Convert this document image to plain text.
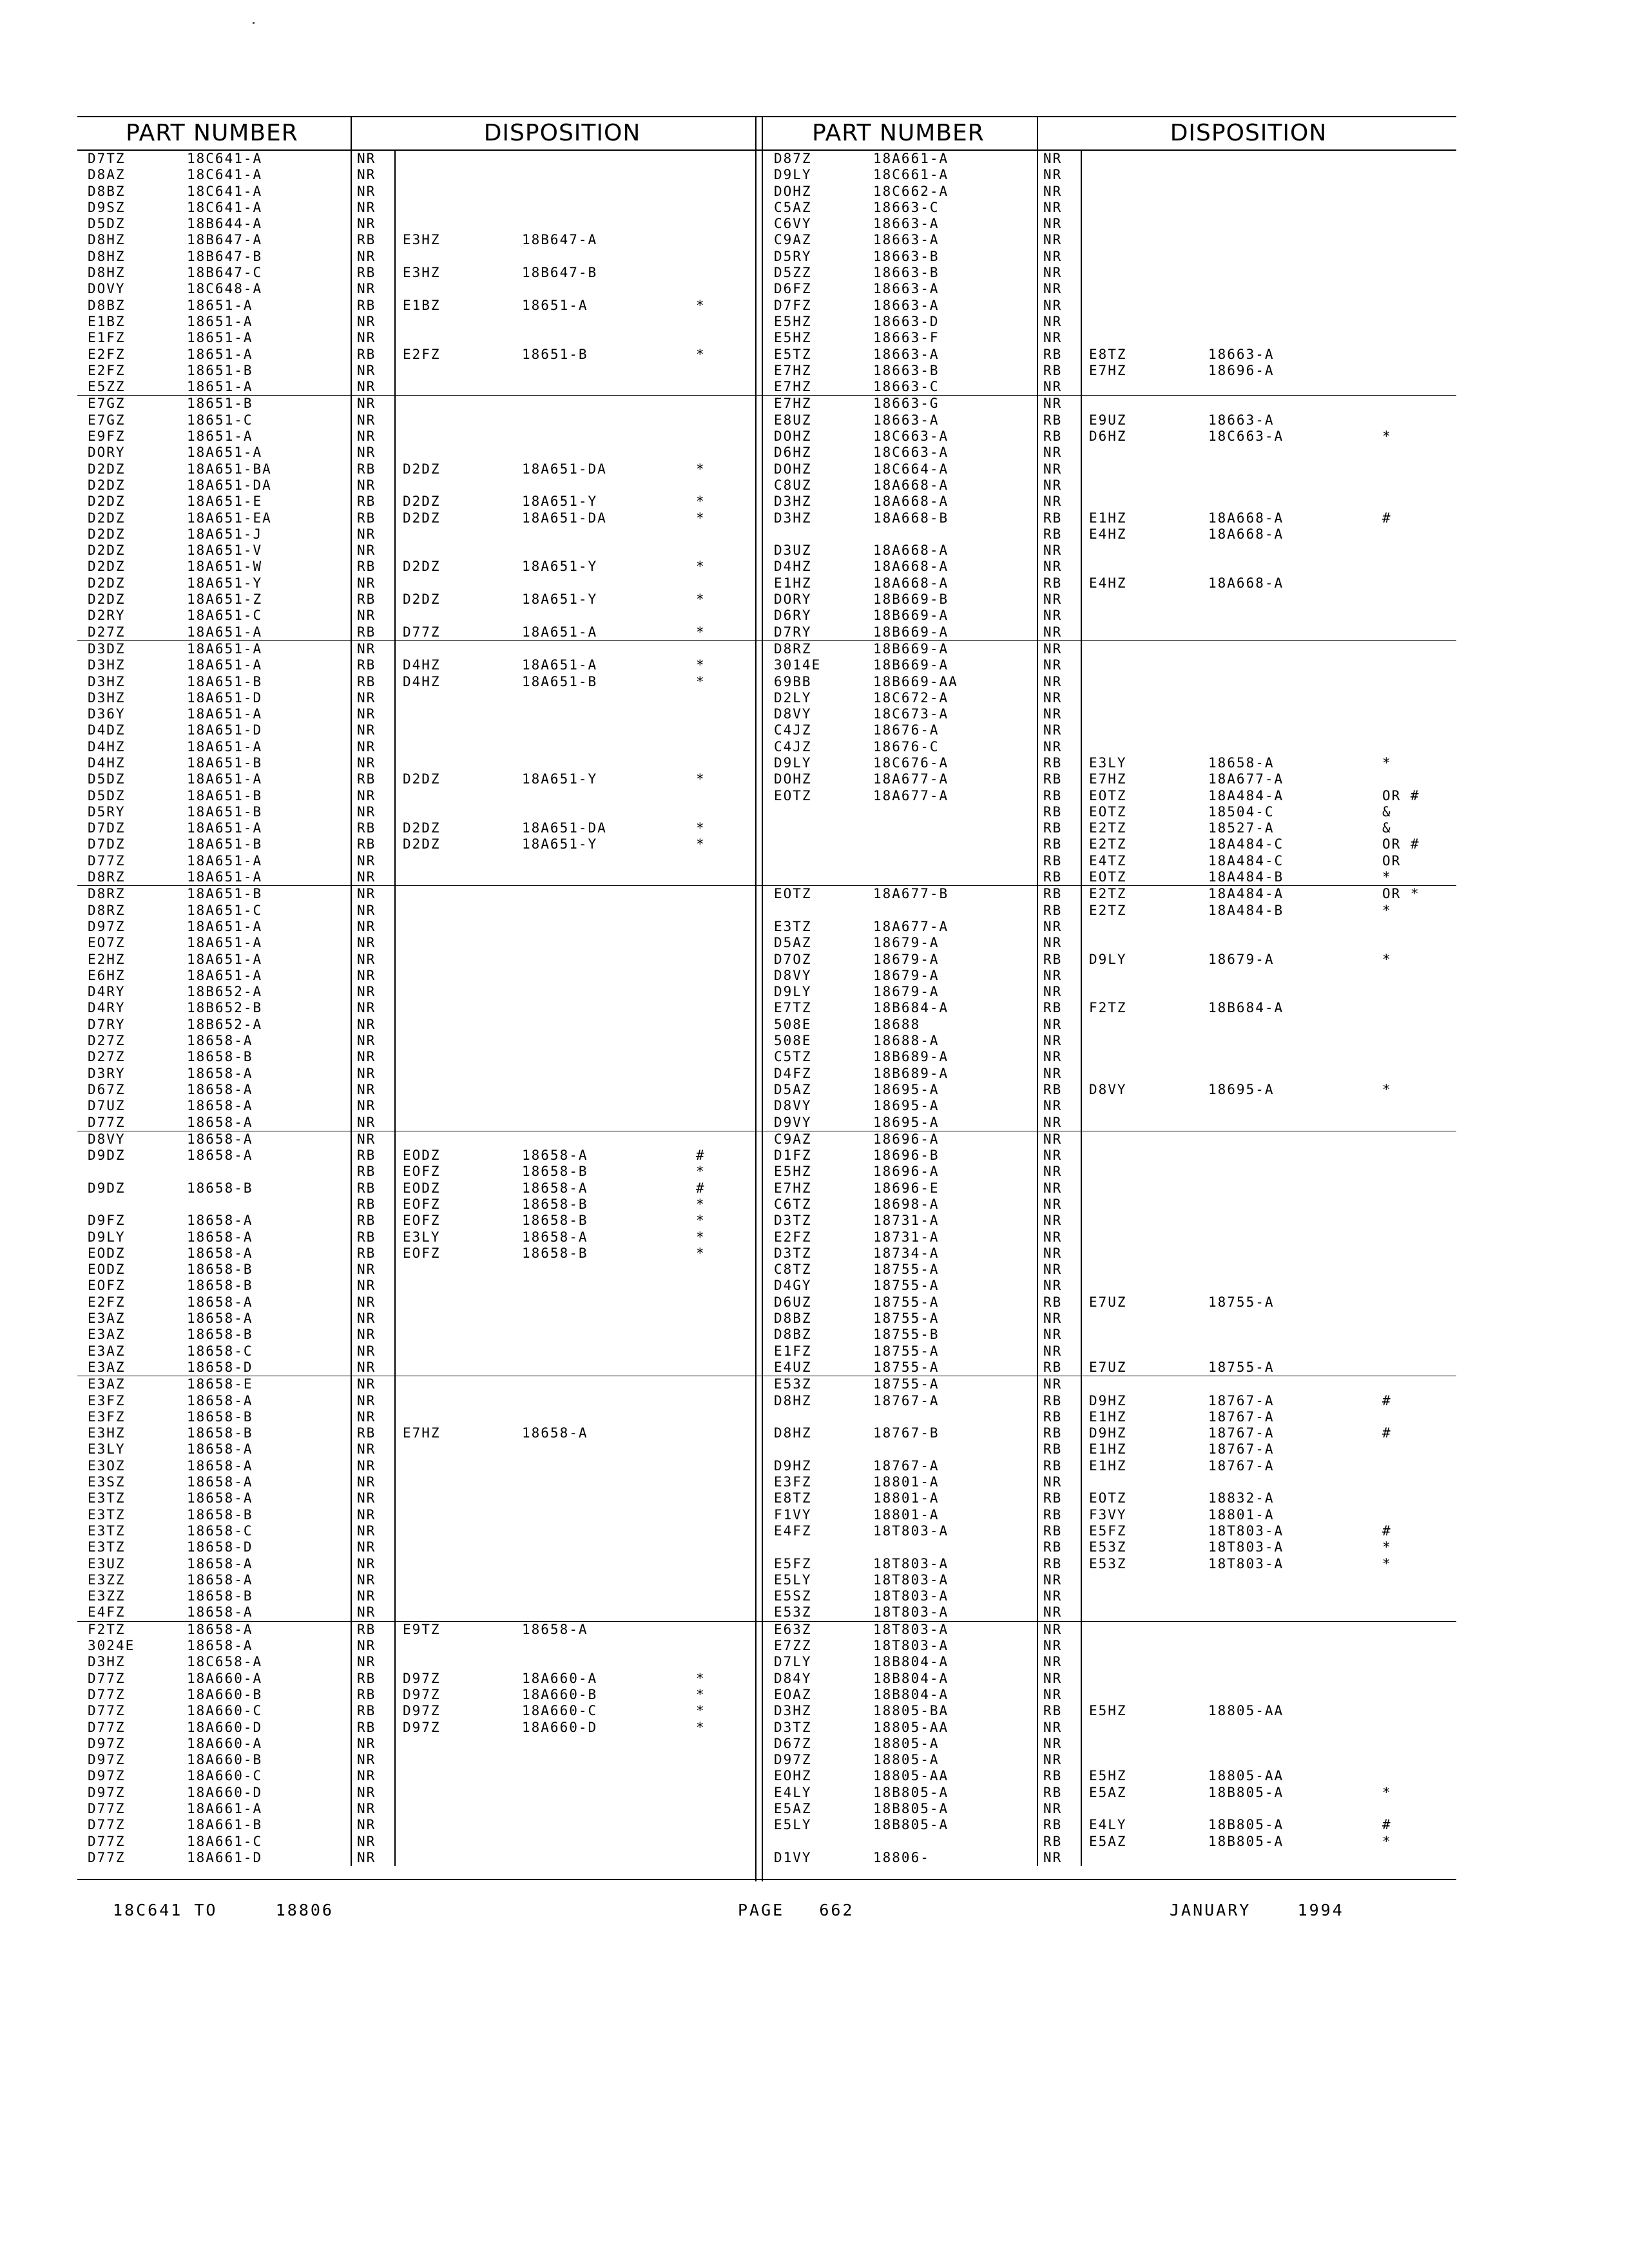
PART NUMBER	DISPOSITION
D7TZ	18C641-A	NR
D8AZ	18C641-A	NR
D8BZ	18C641-A	NR
D9SZ	18C641-A	NR
D5DZ	18B644-A	NR
D8HZ	18B647-A	RB E3HZ	18B647-A
D8HZ	18B647-B	NR
D8HZ	18B647-C	RB E3HZ	18B647-B
DOVY	18C648-A	NR
D8BZ	18651-A	RB E1BZ	18651-A	*
E1BZ	18651-A	NR
E1FZ	18651-A	NR
E2FZ	18651-A	RB E2FZ	18651-B	*
E2FZ	18651-B	NR
E5ZZ	18651-A	NR
E7GZ	18651-B	NR
E7GZ	18651-C	NR
E9FZ	18651-A	NR
DORY	18A651-A	NR
D2DZ	18A651-BA	RB D2DZ	18A651-DA	*
D2DZ	18A651-DA	NR
D2DZ	18A651-E	RB D2DZ	18A651-Y	*
D2DZ	18A651-EA	RB D2DZ	18A651-DA	*
D2DZ	18A651-J	NR
D2DZ	18A651-V	NR
D2DZ	18A651-W	RB D2DZ	18A651-Y	*
D2DZ	18A651-Y	NR
D2DZ	18A651-Z	RB D2DZ	18A651-Y	*
D2RY	18A651-C	NR
D27Z	18A651-A	RB D77Z	18A651-A	*
D3DZ	18A651-A	NR
D3HZ	18A651-A	RB D4HZ	18A651-A	*
D3HZ	18A651-B	RB D4HZ	18A651-B	*
D3HZ	18A651-D	NR
D36Y	18A651-A	NR
D4DZ	18A651-D	NR
D4HZ	18A651-A	NR
D4HZ	18A651-B	NR
D5DZ	18A651-A	RB D2DZ	18A651-Y	*
D5DZ	18A651-B	NR
D5RY	18A651-B	NR
D7DZ	18A651-A	RB D2DZ	18A651-DA	*
D7DZ	18A651-B	RB D2DZ	18A651-Y	*
D77Z	18A651-A	NR
D8RZ	18A651-A	NR
D8RZ	18A651-B	NR
D8RZ	18A651-C	NR
D97Z	18A651-A	NR
EO7Z	18A651-A	NR
E2HZ	18A651-A	NR
E6HZ	18A651-A	NR
D4RY	18B652-A	NR
D4RY	18B652-B	NR
D7RY	18B652-A	NR
D27Z	18658-A	NR
D27Z	18658-B	NR
D3RY	18658-A	NR
D67Z	18658-A	NR
D7UZ	18658-A	NR
D77Z	18658-A	NR
D8VY	18658-A	NR
D9DZ	18658-A	RB EODZ	18658-A	#
RB EOFZ	18658-B	*
D9DZ	18658-B	RB EODZ	18658-A	#
RB EOFZ	18658-B	*
D9FZ	18658-A	RB EOFZ	18658-B	*
D9LY	18658-A	RB E3LY	18658-A	*
EODZ	18658-A	RB EOFZ	18658-B	*
EODZ	18658-B	NR
EOFZ	18658-B	NR
E2FZ	18658-A	NR
E3AZ	18658-A	NR
E3AZ	18658-B	NR
E3AZ	18658-C	NR
E3AZ	18658-D	NR
E3AZ	18658-E	NR
E3FZ	18658-A	NR
E3FZ	18658-B	NR
E3HZ	18658-B	RB E7HZ	18658-A
E3LY	18658-A	NR
E3OZ	18658-A	NR
E3SZ	18658-A	NR
E3TZ	18658-A	NR
E3TZ	18658-B	NR
E3TZ	18658-C	NR
E3TZ	18658-D	NR
E3UZ	18658-A	NR
E3ZZ	18658-A	NR
E3ZZ	18658-B	NR
E4FZ	18658-A	NR
F2TZ	18658-A	RB E9TZ	18658-A
3024E	18658-A	NR
D3HZ	18C658-A	NR
D77Z	18A660-A	RB D97Z	18A660-A	*
D77Z	18A660-B	RB D97Z	18A660-B	*
D77Z	18A660-C	RB D97Z	18A660-C	*
D77Z	18A660-D	RB D97Z	18A660-D	*
D97Z	18A660-A	NR
D97Z	18A660-B	NR
D97Z	18A660-C	NR
D97Z	18A660-D	NR
D77Z	18A661-A	NR
D77Z	18A661-B	NR
D77Z	18A661-C	NR
D77Z	18A661-D	NR
PART NUMBER	DISPOSITION
D87Z	18A661-A	NR
D9LY	18C661-A	NR
DOHZ	18C662-A	NR
C5AZ	18663-C	NR
C6VY	18663-A	NR
C9AZ	18663-A	NR
D5RY	18663-B	NR
D5ZZ	18663-B	NR
D6FZ	18663-A	NR
D7FZ	18663-A	NR
E5HZ	18663-D	NR
E5HZ	18663-F	NR
E5TZ	18663-A	RB E8TZ	18663-A
E7HZ	18663-B	RB E7HZ	18696-A
E7HZ	18663-C	NR
E7HZ	18663-G	NR
E8UZ	18663-A	RB E9UZ	18663-A
DOHZ	18C663-A	RB D6HZ	18C663-A	*
D6HZ	18C663-A	NR
DOHZ	18C664-A	NR
C8UZ	18A668-A	NR
D3HZ	18A668-A	NR
D3HZ	18A668-B	RB E1HZ	18A668-A	#
RB E4HZ	18A668-A
D3UZ	18A668-A	NR
D4HZ	18A668-A	NR
E1HZ	18A668-A	RB E4HZ	18A668-A
DORY	18B669-B	NR
D6RY	18B669-A	NR
D7RY	18B669-A	NR
D8RZ	18B669-A	NR
3014E	18B669-A	NR
69BB	18B669-AA	NR
D2LY	18C672-A	NR
D8VY	18C673-A	NR
C4JZ	18676-A	NR
C4JZ	18676-C	NR
D9LY	18C676-A	RB E3LY	18658-A	*
DOHZ	18A677-A	RB E7HZ	18A677-A
EOTZ	18A677-A	RB EOTZ	18A484-A	OR #
RB EOTZ	18504-C	&
RB E2TZ	18527-A	&
RB E2TZ	18A484-C	OR #
RB E4TZ	18A484-C	OR
RB EOTZ	18A484-B	*
EOTZ	18A677-B	RB E2TZ	18A484-A	OR *
RB E2TZ	18A484-B	*
E3TZ	18A677-A	NR
D5AZ	18679-A	NR
D7OZ	18679-A	RB D9LY	18679-A	*
D8VY	18679-A	NR
D9LY	18679-A	NR
E7TZ	18B684-A	RB F2TZ	18B684-A
508E	18688	NR
508E	18688-A	NR
C5TZ	18B689-A	NR
D4FZ	18B689-A	NR
D5AZ	18695-A	RB D8VY	18695-A	*
D8VY	18695-A	NR
D9VY	18695-A	NR
C9AZ	18696-A	NR
D1FZ	18696-B	NR
E5HZ	18696-A	NR
E7HZ	18696-E	NR
C6TZ	18698-A	NR
D3TZ	18731-A	NR
E2FZ	18731-A	NR
D3TZ	18734-A	NR
C8TZ	18755-A	NR
D4GY	18755-A	NR
D6UZ	18755-A	RB E7UZ	18755-A
D8BZ	18755-A	NR
D8BZ	18755-B	NR
E1FZ	18755-A	NR
E4UZ	18755-A	RB E7UZ	18755-A
E53Z	18755-A	NR
D8HZ	18767-A	RB D9HZ	18767-A	#
RB E1HZ	18767-A
D8HZ	18767-B	RB D9HZ	18767-A	#
RB E1HZ	18767-A
D9HZ	18767-A	RB E1HZ	18767-A
E3FZ	18801-A	NR
E8TZ	18801-A	RB EOTZ	18832-A
F1VY	18801-A	RB F3VY	18801-A
E4FZ	18T803-A	RB E5FZ	18T803-A	#
RB E53Z	18T803-A	*
E5FZ	18T803-A	RB E53Z	18T803-A	*
E5LY	18T803-A	NR
E5SZ	18T803-A	NR
E53Z	18T803-A	NR
E63Z	18T803-A	NR
E7ZZ	18T803-A	NR
D7LY	18B804-A	NR
D84Y	18B804-A	NR
EOAZ	18B804-A	NR
D3HZ	18805-BA	RB E5HZ	18805-AA
D3TZ	18805-AA	NR
D67Z	18805-A	NR
D97Z	18805-A	NR
EOHZ	18805-AA	RB E5HZ	18805-AA
E4LY	18B805-A	RB E5AZ	18B805-A	*
E5AZ	18B805-A	NR
E5LY	18B805-A	RB E4LY	18B805-A	#
RB E5AZ	18B805-A	*
D1VY	18806-	NR
18C641 TO     18806	PAGE   662	JANUARY    1994
